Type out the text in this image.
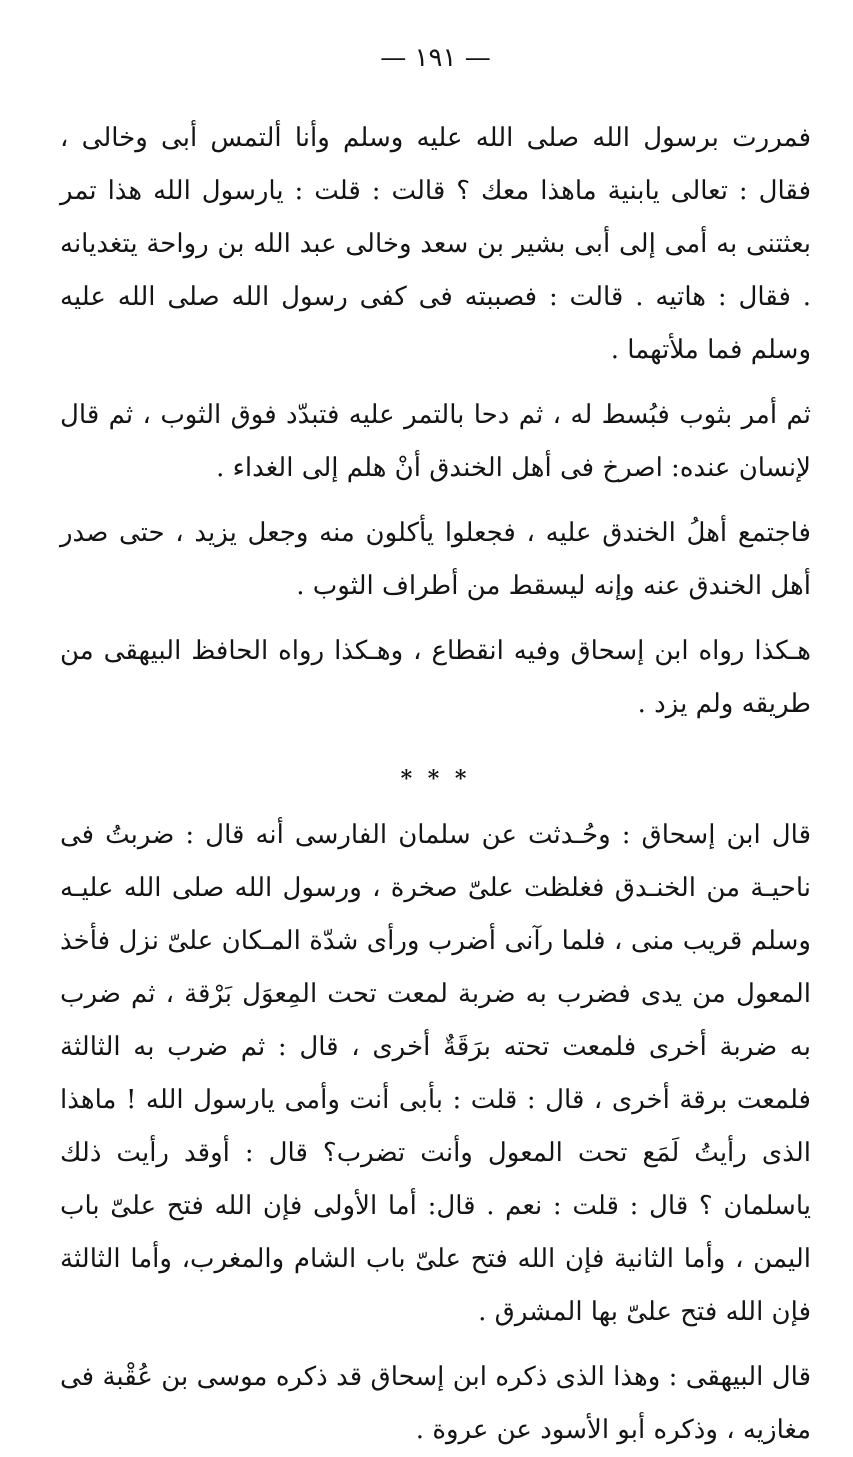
— ١٩١ —

فمررت برسول الله صلى الله عليه وسلم وأنا ألتمس أبى وخالى ، فقال : تعالى يابنية ماهذا معك ؟ قالت : قلت : يارسول الله هذا تمر بعثتنى به أمى إلى أبى بشير بن سعد وخالى عبد الله بن رواحة يتغديانه . فقال : هاتيه . قالت : فصببته فى كفى رسول الله صلى الله عليه وسلم فما ملأتهما .

ثم أمر بثوب فبُسط له ، ثم دحا بالتمر عليه فتبدّد فوق الثوب ، ثم قال لإنسان عنده: اصرخ فى أهل الخندق أنْ هلم إلى الغداء .

فاجتمع أهلُ الخندق عليه ، فجعلوا يأكلون منه وجعل يزيد ، حتى صدر أهل الخندق عنه وإنه ليسقط من أطراف الثوب .

هـكذا رواه ابن إسحاق وفيه انقطاع ، وهـكذا رواه الحافظ البيهقى من طريقه ولم يزد .

* * *

قال ابن إسحاق : وحُـدثت عن سلمان الفارسى أنه قال : ضربتُ فى ناحيـة من الخنـدق فغلظت علىّ صخرة ، ورسول الله صلى الله عليـه وسلم قريب منى ، فلما رآنى أضرب ورأى شدّة المـكان علىّ نزل فأخذ المعول من يدى فضرب به ضربة لمعت تحت المِعوَل بَرْقة ، ثم ضرب به ضربة أخرى فلمعت تحته برَقَةٌ أخرى ، قال : ثم ضرب به الثالثة فلمعت برقة أخرى ، قال : قلت : بأبى أنت وأمى يارسول الله ! ماهذا الذى رأيتُ لَمَع تحت المعول وأنت تضرب؟ قال : أوقد رأيت ذلك ياسلمان ؟ قال : قلت : نعم . قال: أما الأولى فإن الله فتح علىّ باب اليمن ، وأما الثانية فإن الله فتح علىّ باب الشام والمغرب، وأما الثالثة فإن الله فتح علىّ بها المشرق .

قال البيهقى : وهذا الذى ذكره ابن إسحاق قد ذكره موسى بن عُقْبة فى مغازيه ، وذكره أبو الأسود عن عروة .
